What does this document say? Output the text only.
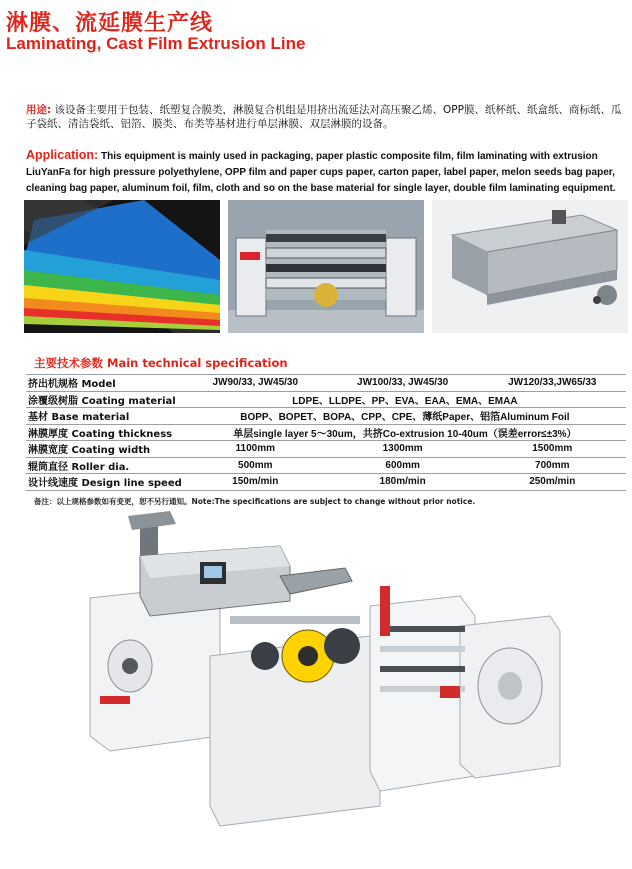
淋膜、流延膜生产线
Laminating, Cast Film Extrusion Line
用途: 该设备主要用于包装、纸塑复合膜类，淋膜复合机组是用挤出流延法对高压聚乙烯、OPP膜、纸杯纸、纸盒纸、商标纸、瓜子袋纸、清洁袋纸、铝箔、膜类、布类等基材进行单层淋膜、双层淋膜的设备。
Application: This equipment is mainly used in packaging, paper plastic composite film, film laminating with extrusion LiuYanFa for high pressure polyethylene, OPP film and paper cups paper, carton paper, label paper, melon seeds bag paper, cleaning bag paper, aluminum foil, film, cloth and so on the base material for single layer, double film laminating equipment.
主要技术参数 Main technical specification
挤出机规格 Model	JW90/33, JW45/30	JW100/33, JW45/30	JW120/33,JW65/33
涂覆级树脂 Coating material	LDPE、LLDPE、PP、EVA、EAA、EMA、EMAA		
基材 Base material	BOPP、BOPET、BOPA、CPP、CPE、薄纸Paper、铝箔Aluminum Foil		
淋膜厚度 Coating thickness	单层single layer 5～30um，共挤Co-extrusion 10-40um（误差error≤±3%）		
淋膜宽度 Coating width	1100mm	1300mm	1500mm
辊筒直径 Roller dia.	500mm	600mm	700mm
设计线速度 Design line speed	150m/min	180m/min	250m/min
备注：以上规格参数如有变更，恕不另行通知。Note:The specifications are subject to change without prior notice.
